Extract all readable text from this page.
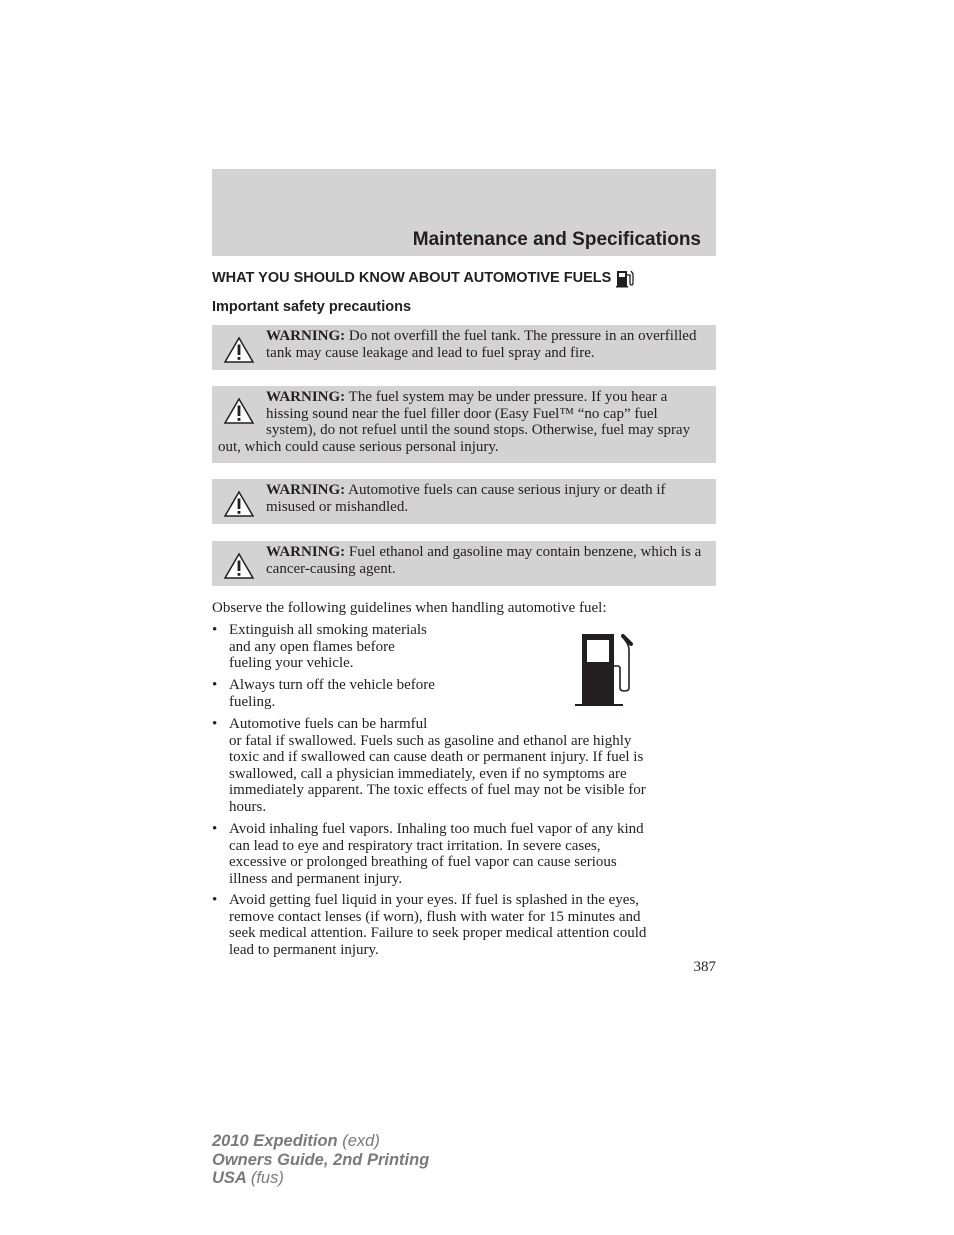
Maintenance and Specifications
WHAT YOU SHOULD KNOW ABOUT AUTOMOTIVE FUELS
Important safety precautions
WARNING: Do not overfill the fuel tank. The pressure in an overfilled tank may cause leakage and lead to fuel spray and fire.
WARNING: The fuel system may be under pressure. If you hear a hissing sound near the fuel filler door (Easy Fuel™ “no cap” fuel system), do not refuel until the sound stops. Otherwise, fuel may spray out, which could cause serious personal injury.
WARNING: Automotive fuels can cause serious injury or death if misused or mishandled.
WARNING: Fuel ethanol and gasoline may contain benzene, which is a cancer-causing agent.
Observe the following guidelines when handling automotive fuel:
• Extinguish all smoking materials
and any open flames before
fueling your vehicle.
• Always turn off the vehicle before
fueling.
• Automotive fuels can be harmful
or fatal if swallowed. Fuels such as gasoline and ethanol are highly
toxic and if swallowed can cause death or permanent injury. If fuel is
swallowed, call a physician immediately, even if no symptoms are
immediately apparent. The toxic effects of fuel may not be visible for
hours.
• Avoid inhaling fuel vapors. Inhaling too much fuel vapor of any kind
can lead to eye and respiratory tract irritation. In severe cases,
excessive or prolonged breathing of fuel vapor can cause serious
illness and permanent injury.
• Avoid getting fuel liquid in your eyes. If fuel is splashed in the eyes,
remove contact lenses (if worn), flush with water for 15 minutes and
seek medical attention. Failure to seek proper medical attention could
lead to permanent injury.
387
2010 Expedition (exd)
Owners Guide, 2nd Printing
USA (fus)
